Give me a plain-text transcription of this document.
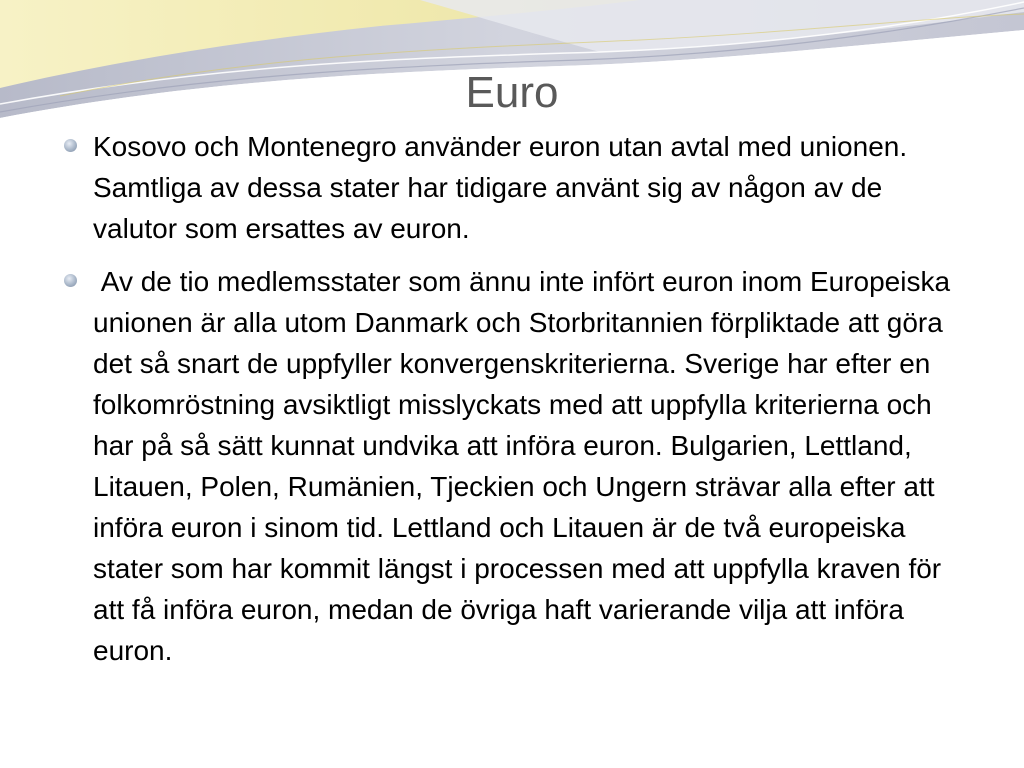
Euro
Kosovo och Montenegro använder euron utan avtal med unionen. Samtliga av dessa stater har tidigare använt sig av någon av de valutor som ersattes av euron.
Av de tio medlemsstater som ännu inte infört euron inom Europeiska unionen är alla utom Danmark och Storbritannien förpliktade att göra det så snart de uppfyller konvergenskriterierna. Sverige har efter en folkomröstning avsiktligt misslyckats med att uppfylla kriterierna och har på så sätt kunnat undvika att införa euron. Bulgarien, Lettland, Litauen, Polen, Rumänien, Tjeckien och Ungern strävar alla efter att införa euron i sinom tid. Lettland och Litauen är de två europeiska stater som har kommit längst i processen med att uppfylla kraven för att få införa euron, medan de övriga haft varierande vilja att införa euron.
